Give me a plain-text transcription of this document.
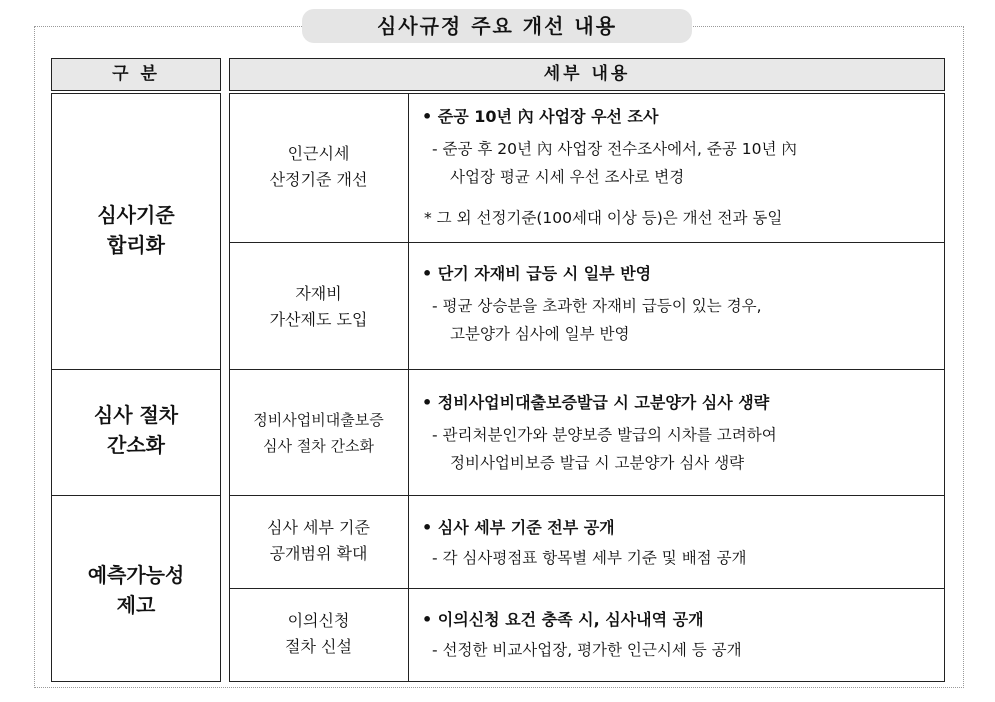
심사규정 주요 개선 내용
구 분	세부 내용
심사기준
합리화
심사 절차
간소화
예측가능성
제고
인근시세
산정기준 개선
• 준공 10년 內 사업장 우선 조사
- 준공 후 20년 內 사업장 전수조사에서, 준공 10년 內
사업장 평균 시세 우선 조사로 변경
* 그 외 선정기준(100세대 이상 등)은 개선 전과 동일
자재비
가산제도 도입
• 단기 자재비 급등 시 일부 반영
- 평균 상승분을 초과한 자재비 급등이 있는 경우,
고분양가 심사에 일부 반영
정비사업비대출보증
심사 절차 간소화
• 정비사업비대출보증발급 시 고분양가 심사 생략
- 관리처분인가와 분양보증 발급의 시차를 고려하여
정비사업비보증 발급 시 고분양가 심사 생략
심사 세부 기준
공개범위 확대
• 심사 세부 기준 전부 공개
- 각 심사평점표 항목별 세부 기준 및 배점 공개
이의신청
절차 신설
• 이의신청 요건 충족 시, 심사내역 공개
- 선정한 비교사업장, 평가한 인근시세 등 공개
